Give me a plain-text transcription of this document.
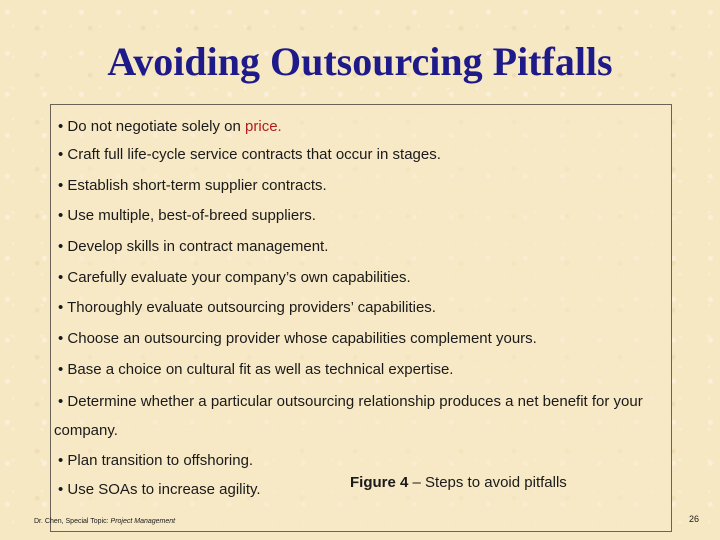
Avoiding Outsourcing Pitfalls
• Do not negotiate solely on price.
• Craft full life-cycle service contracts that occur in stages.
• Establish short-term supplier contracts.
• Use multiple, best-of-breed suppliers.
• Develop skills in contract management.
• Carefully evaluate your company’s own capabilities.
• Thoroughly evaluate outsourcing providers’ capabilities.
• Choose an outsourcing provider whose capabilities complement yours.
• Base a choice on cultural fit as well as technical expertise.
• Determine whether a particular outsourcing relationship produces a net benefit for your company.
• Plan transition to offshoring.
• Use SOAs to increase agility.	Figure 4 – Steps to avoid pitfalls
Dr. Chen, Special Topic: Project Management	26
